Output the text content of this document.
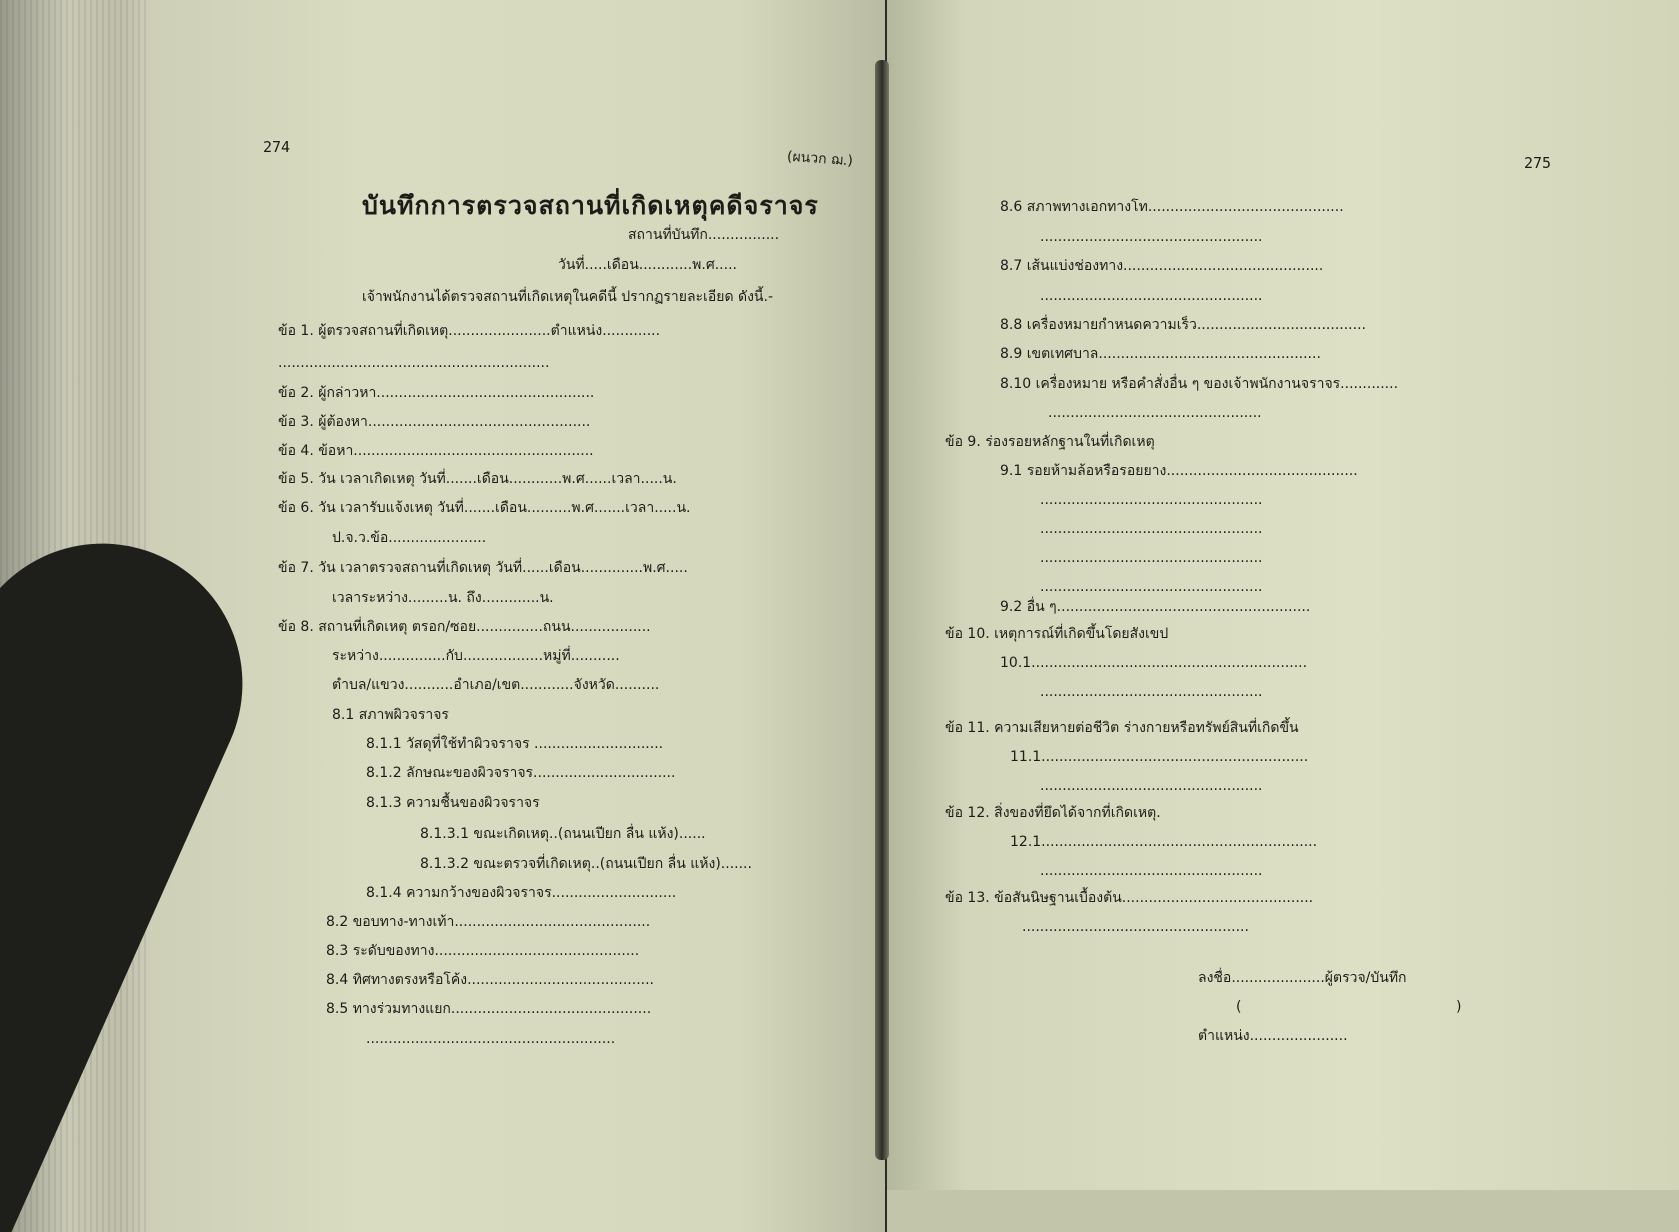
274
(ผนวก ฌ.)
บันทึกการตรวจสถานที่เกิดเหตุคดีจราจร
สถานที่บันทึก................
วันที่.....เดือน............พ.ศ.....
เจ้าพนักงานได้ตรวจสถานที่เกิดเหตุในคดีนี้ ปรากฏรายละเอียด ดังนี้.-
ข้อ 1. ผู้ตรวจสถานที่เกิดเหตุ.......................ตำแหน่ง.............
.............................................................
ข้อ 2. ผู้กล่าวหา.................................................
ข้อ 3. ผู้ต้องหา..................................................
ข้อ 4. ข้อหา......................................................
ข้อ 5. วัน เวลาเกิดเหตุ วันที่.......เดือน............พ.ศ......เวลา.....น.
ข้อ 6. วัน เวลารับแจ้งเหตุ วันที่.......เดือน..........พ.ศ.......เวลา.....น.
ป.จ.ว.ข้อ......................
ข้อ 7. วัน เวลาตรวจสถานที่เกิดเหตุ วันที่......เดือน..............พ.ศ.....
เวลาระหว่าง.........น. ถึง.............น.
ข้อ 8. สถานที่เกิดเหตุ ตรอก/ซอย...............ถนน..................
ระหว่าง...............กับ..................หมู่ที่...........
ตำบล/แขวง...........อำเภอ/เขต............จังหวัด..........
8.1 สภาพผิวจราจร
8.1.1 วัสดุที่ใช้ทำผิวจราจร .............................
8.1.2 ลักษณะของผิวจราจร................................
8.1.3 ความชื้นของผิวจราจร
8.1.3.1 ขณะเกิดเหตุ..(ถนนเปียก ลื่น แห้ง)......
8.1.3.2 ขณะตรวจที่เกิดเหตุ..(ถนนเปียก ลื่น แห้ง).......
8.1.4 ความกว้างของผิวจราจร............................
8.2 ขอบทาง-ทางเท้า............................................
8.3 ระดับของทาง..............................................
8.4 ทิศทางตรงหรือโค้ง..........................................
8.5 ทางร่วมทางแยก.............................................
........................................................
275
8.6 สภาพทางเอกทางโท............................................
..................................................
8.7 เส้นแบ่งช่องทาง.............................................
..................................................
8.8 เครื่องหมายกำหนดความเร็ว......................................
8.9 เขตเทศบาล..................................................
8.10 เครื่องหมาย หรือคำสั่งอื่น ๆ ของเจ้าพนักงานจราจร.............
................................................
ข้อ 9. ร่องรอยหลักฐานในที่เกิดเหตุ
9.1 รอยห้ามล้อหรือรอยยาง...........................................
..................................................
..................................................
..................................................
..................................................
9.2 อื่น ๆ.........................................................
ข้อ 10. เหตุการณ์ที่เกิดขึ้นโดยสังเขป
10.1..............................................................
..................................................
ข้อ 11. ความเสียหายต่อชีวิต ร่างกายหรือทรัพย์สินที่เกิดขึ้น
11.1............................................................
..................................................
ข้อ 12. สิ่งของที่ยึดได้จากที่เกิดเหตุ.
12.1..............................................................
..................................................
ข้อ 13. ข้อสันนิษฐานเบื้องต้น...........................................
...................................................
ลงชื่อ.....................ผู้ตรวจ/บันทึก
(	)
ตำแหน่ง......................
